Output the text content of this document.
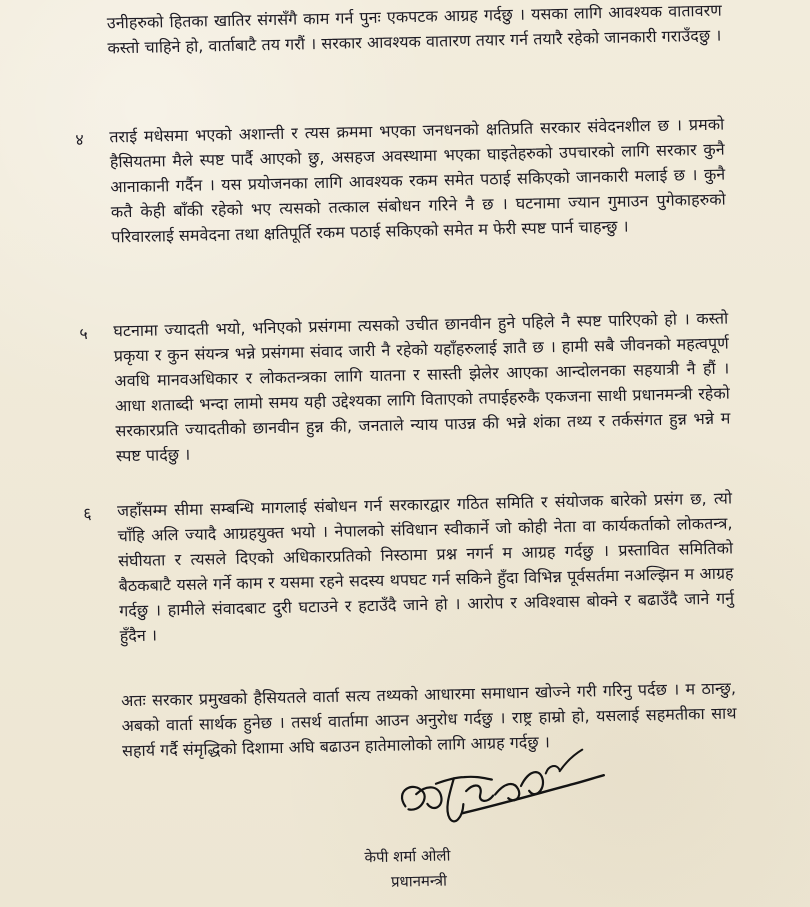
उनीहरुको हितका खातिर संगसँगै काम गर्न पुनः एकपटक आग्रह गर्दछु । यसका लागि आवश्यक वातावरण कस्तो चाहिने हो, वार्ताबाटै तय गरौं । सरकार आवश्यक वातारण तयार गर्न तयारै रहेको जानकारी गराउँदछु ।

४ तराई मधेसमा भएको अशान्ती र त्यस क्रममा भएका जनधनको क्षतिप्रति सरकार संवेदनशील छ । प्रमको हैसियतमा मैले स्पष्ट पार्दै आएको छु, असहज अवस्थामा भएका घाइतेहरुको उपचारको लागि सरकार कुनै आनाकानी गर्दैन । यस प्रयोजनका लागि आवश्यक रकम समेत पठाई सकिएको जानकारी मलाई छ । कुनै कतै केही बाँकी रहेको भए त्यसको तत्काल संबोधन गरिने नै छ । घटनामा ज्यान गुमाउन पुगेकाहरुको परिवारलाई समवेदना तथा क्षतिपूर्ति रकम पठाई सकिएको समेत म फेरी स्पष्ट पार्न चाहन्छु ।

५ घटनामा ज्यादती भयो, भनिएको प्रसंगमा त्यसको उचीत छानवीन हुने पहिले नै स्पष्ट पारिएको हो । कस्तो प्रकृया र कुन संयन्त्र भन्ने प्रसंगमा संवाद जारी नै रहेको यहाँहरुलाई ज्ञातै छ । हामी सबै जीवनको महत्वपूर्ण अवधि मानवअधिकार र लोकतन्त्रका लागि यातना र सास्ती झेलेर आएका आन्दोलनका सहयात्री नै हौं । आधा शताब्दी भन्दा लामो समय यही उद्देश्यका लागि विताएको तपाईहरुकै एकजना साथी प्रधानमन्त्री रहेको सरकारप्रति ज्यादतीको छानवीन हुन्न की, जनताले न्याय पाउन्न की भन्ने शंका तथ्य र तर्कसंगत हुन्न भन्ने म स्पष्ट पार्दछु ।

६ जहाँसम्म सीमा सम्बन्धि मागलाई संबोधन गर्न सरकारद्वार गठित समिति र संयोजक बारेको प्रसंग छ, त्यो चाँहि अलि ज्यादै आग्रहयुक्त भयो । नेपालको संविधान स्वीकार्ने जो कोही नेता वा कार्यकर्ताको लोकतन्त्र, संघीयता र त्यसले दिएको अधिकारप्रतिको निस्ठामा प्रश्न नगर्न म आग्रह गर्दछु । प्रस्तावित समितिको बैठकबाटै यसले गर्ने काम र यसमा रहने सदस्य थपघट गर्न सकिने हुँदा विभिन्न पूर्वसर्तमा नअल्झिन म आग्रह गर्दछु । हामीले संवादबाट दुरी घटाउने र हटाउँदै जाने हो । आरोप र अविश्वास बोक्ने र बढाउँदै जाने गर्नु हुँदैन ।

अतः सरकार प्रमुखको हैसियतले वार्ता सत्य तथ्यको आधारमा समाधान खोज्ने गरी गरिनु पर्दछ । म ठान्छु, अबको वार्ता सार्थक हुनेछ । तसर्थ वार्तामा आउन अनुरोध गर्दछु । राष्ट्र हाम्रो हो, यसलाई सहमतीका साथ सहार्य गर्दै संमृद्धिको दिशामा अघि बढाउन हातेमालोको लागि आग्रह गर्दछु ।

केपी शर्मा ओली
प्रधानमन्त्री
